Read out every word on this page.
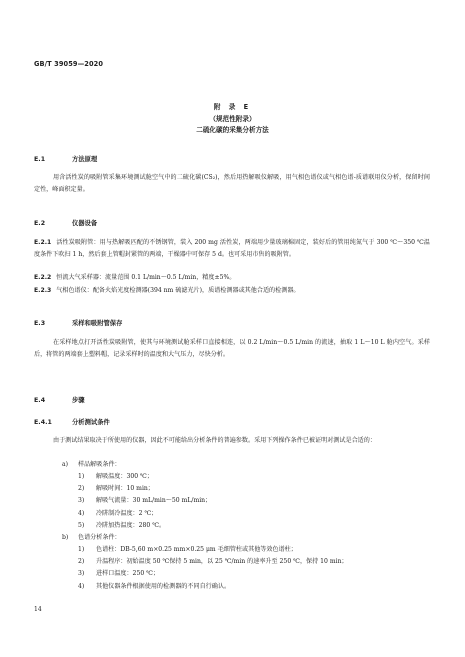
GB/T 39059—2020
附 录 E
（规范性附录）
二硫化碳的采集分析方法
E.1	方法原理
用含活性炭的吸附管采集环境测试舱空气中的二硫化碳(CS₂)，然后用热解吸仪解吸，用气相色谱仪或气相色谱-质谱联用仪分析，保留时间定性，峰面积定量。
E.2	仪器设备
E.2.1 活性炭吸附管：用与热解吸匹配的不锈钢管，装入 200 mg 活性炭，两端用少量玻璃棉固定，装好后的管用纯氮气于 300 ℃～350 ℃温度条件下吹扫 1 h，然后套上管帽封紧管的两端，干燥器中可保存 5 d。也可采用市售的吸附管。
E.2.2 恒流大气采样器：流量范围 0.1 L/min～0.5 L/min，精度±5%。
E.2.3 气相色谱仪：配备火焰光度检测器(394 nm 硫滤光片)，质谱检测器或其他合适的检测器。
E.3	采样和吸附管保存
在采样地点打开活性炭吸附管，使其与环境测试舱采样口直接相连，以 0.2 L/min～0.5 L/min 的流速，抽取 1 L～10 L 舱内空气。采样后，将管的两端套上塑料帽，记录采样时的温度和大气压力，尽快分析。
E.4	步骤
E.4.1	分析测试条件
由于测试结果取决于所使用的仪器，因此不可能给出分析条件的普遍参数。采用下列操作条件已被证明对测试是合适的：
a) 样品解吸条件：
1) 解吸温度：300 ℃；
2) 解吸时间：10 min；
3) 解吸气流量：30 mL/min～50 mL/min；
4) 冷阱制冷温度：2 ℃；
5) 冷阱加热温度：280 ℃。
b) 色谱分析条件：
1) 色谱柱：DB-5,60 m×0.25 mm×0.25 μm 毛细管柱或其他等效色谱柱；
2) 升温程序：初始温度 50 ℃保持 5 min，以 25 ℃/min 的速率升至 250 ℃，保持 10 min；
3) 进样口温度：250 ℃；
4) 其他仪器条件根据使用的检测器的不同自行确认。
14
